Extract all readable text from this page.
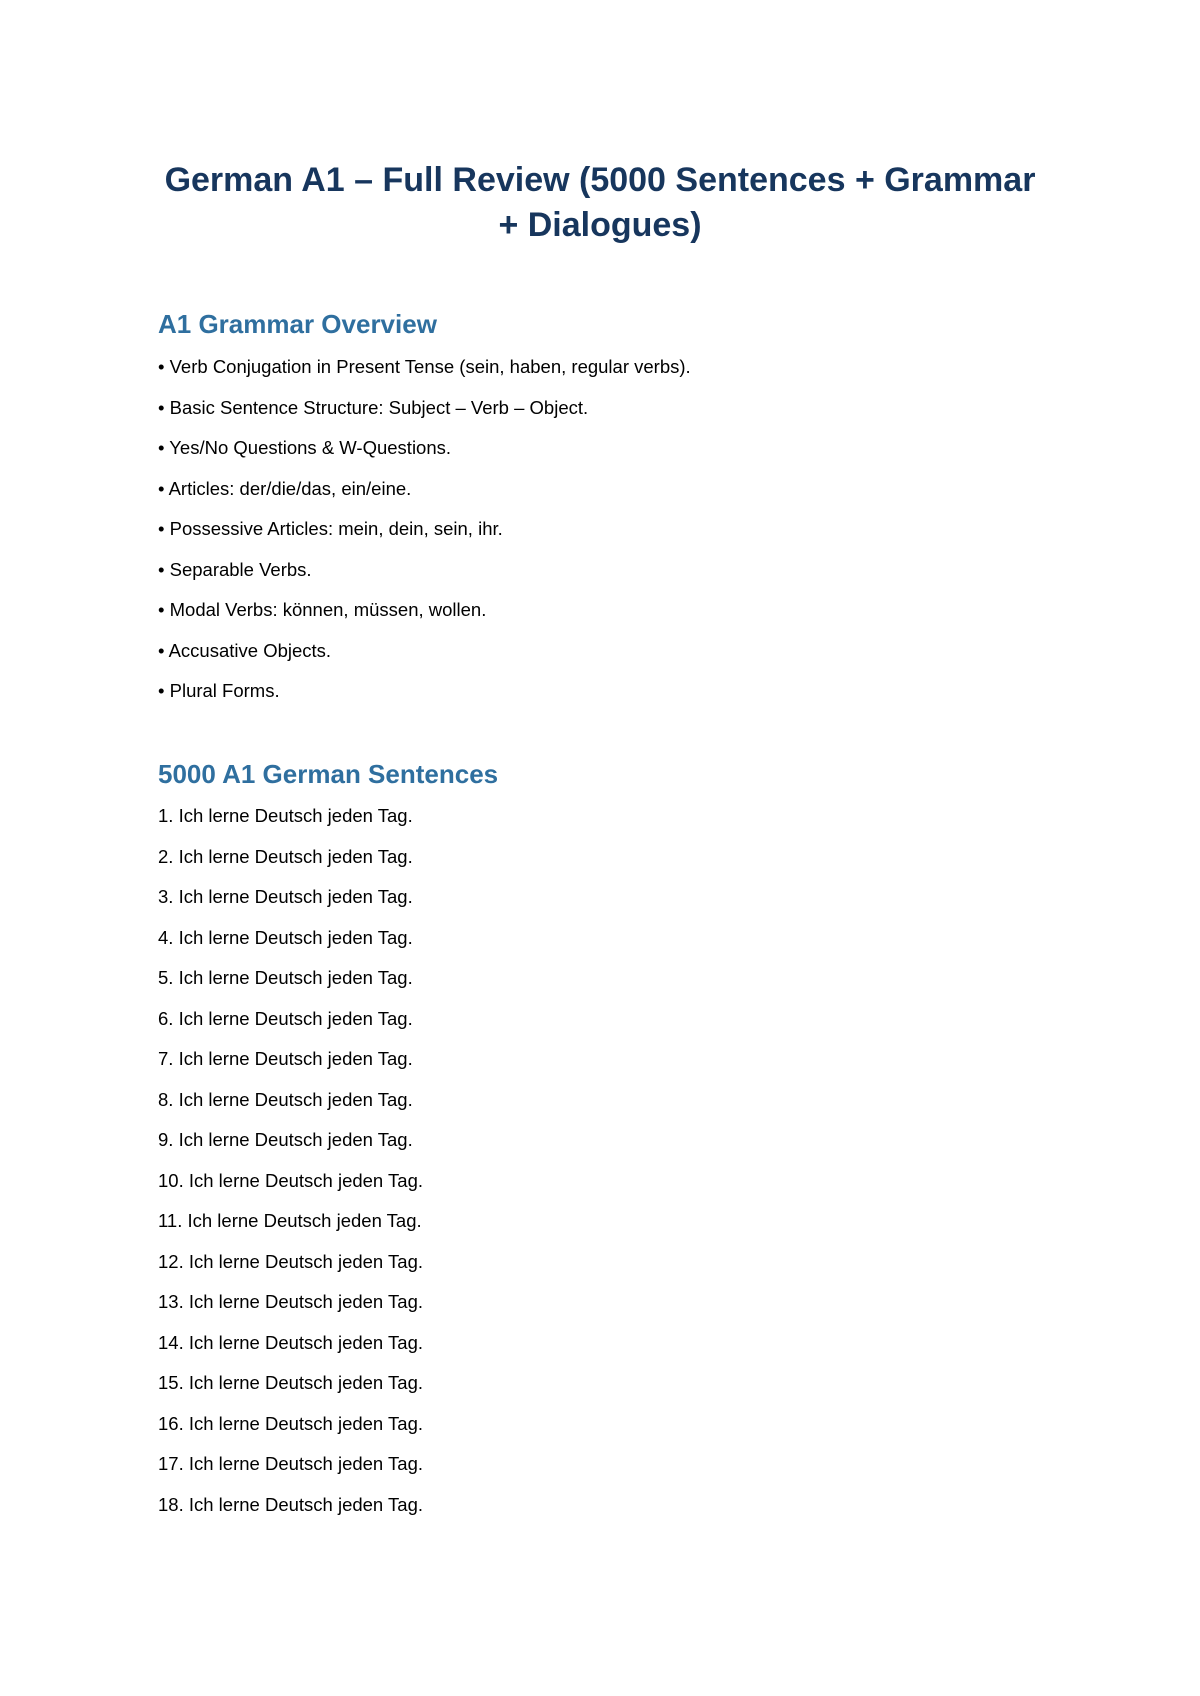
German A1 – Full Review (5000 Sentences + Grammar + Dialogues)
A1 Grammar Overview
• Verb Conjugation in Present Tense (sein, haben, regular verbs).
• Basic Sentence Structure: Subject – Verb – Object.
• Yes/No Questions & W-Questions.
• Articles: der/die/das, ein/eine.
• Possessive Articles: mein, dein, sein, ihr.
• Separable Verbs.
• Modal Verbs: können, müssen, wollen.
• Accusative Objects.
• Plural Forms.
5000 A1 German Sentences
1. Ich lerne Deutsch jeden Tag.
2. Ich lerne Deutsch jeden Tag.
3. Ich lerne Deutsch jeden Tag.
4. Ich lerne Deutsch jeden Tag.
5. Ich lerne Deutsch jeden Tag.
6. Ich lerne Deutsch jeden Tag.
7. Ich lerne Deutsch jeden Tag.
8. Ich lerne Deutsch jeden Tag.
9. Ich lerne Deutsch jeden Tag.
10. Ich lerne Deutsch jeden Tag.
11. Ich lerne Deutsch jeden Tag.
12. Ich lerne Deutsch jeden Tag.
13. Ich lerne Deutsch jeden Tag.
14. Ich lerne Deutsch jeden Tag.
15. Ich lerne Deutsch jeden Tag.
16. Ich lerne Deutsch jeden Tag.
17. Ich lerne Deutsch jeden Tag.
18. Ich lerne Deutsch jeden Tag.
